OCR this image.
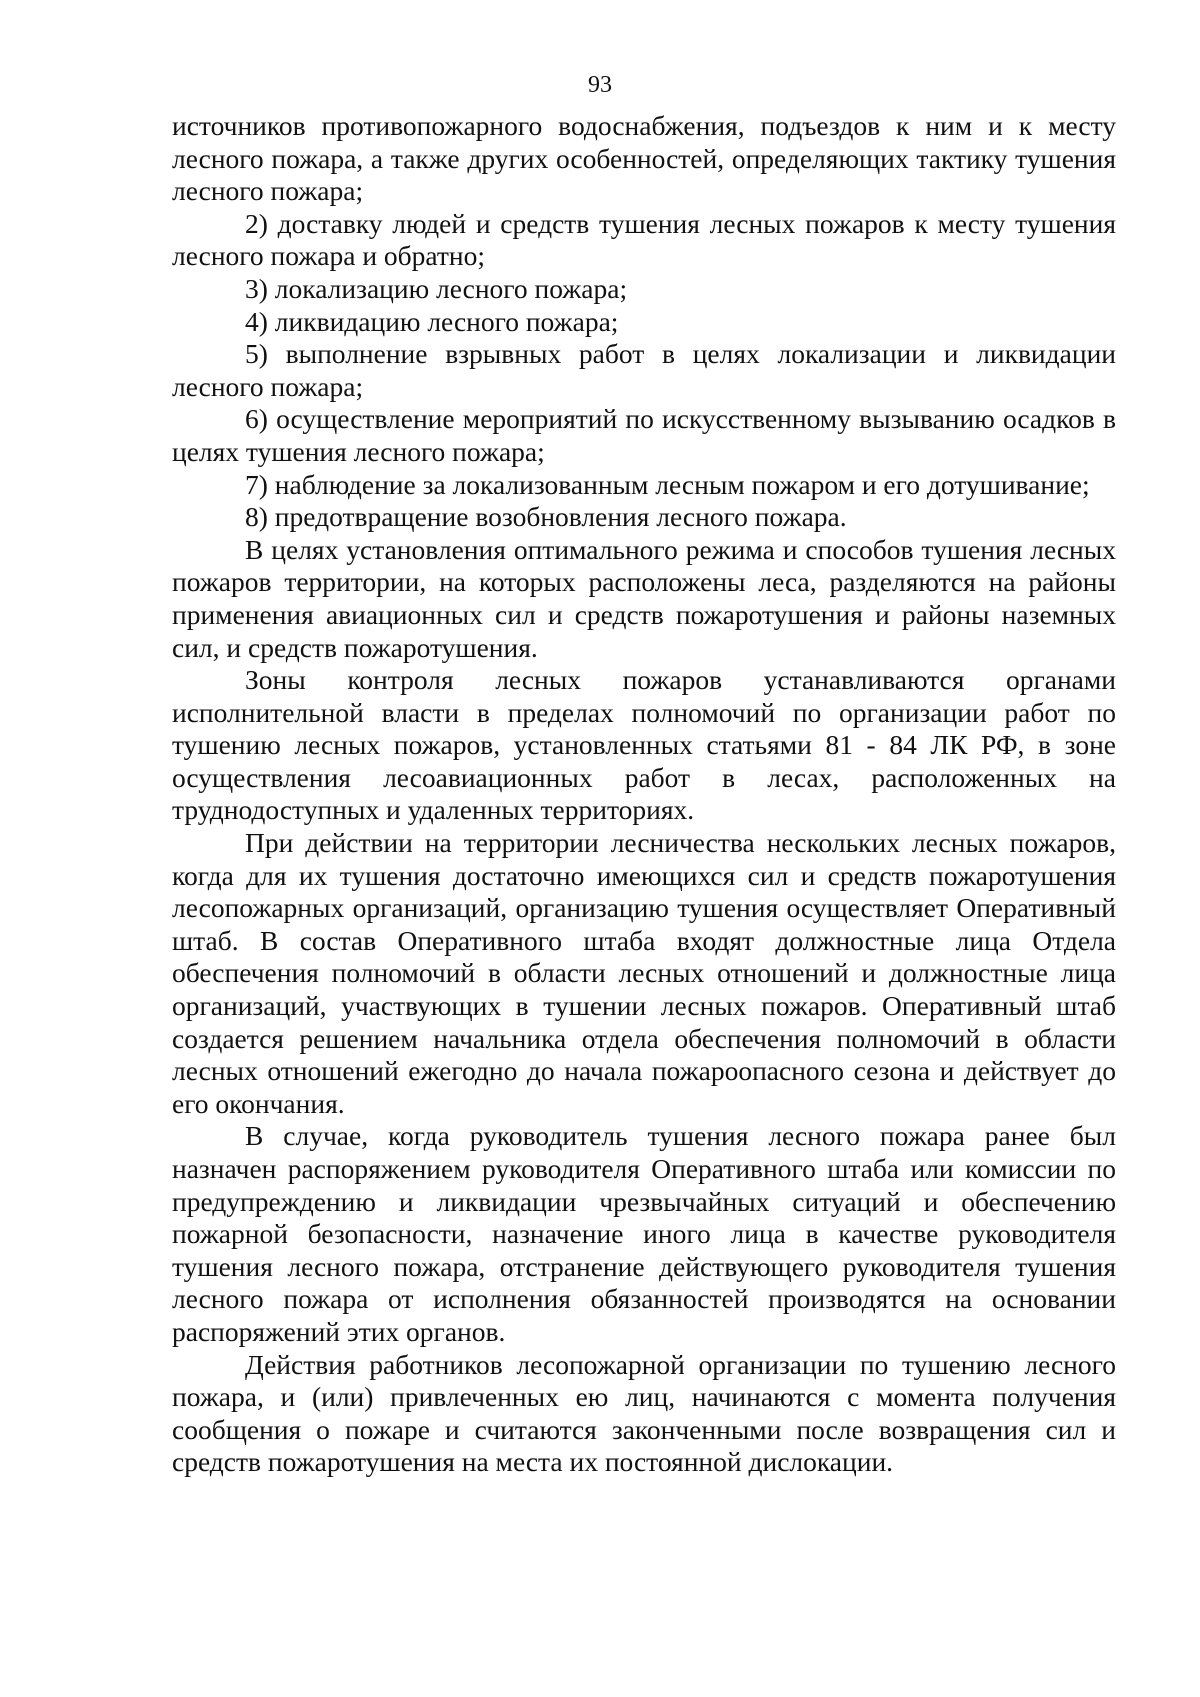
93

источников противопожарного водоснабжения, подъездов к ним и к месту лесного пожара, а также других особенностей, определяющих тактику тушения лесного пожара;

2) доставку людей и средств тушения лесных пожаров к месту тушения лесного пожара и обратно;

3) локализацию лесного пожара;

4) ликвидацию лесного пожара;

5) выполнение взрывных работ в целях локализации и ликвидации лесного пожара;

6) осуществление мероприятий по искусственному вызыванию осадков в целях тушения лесного пожара;

7) наблюдение за локализованным лесным пожаром и его дотушивание;

8) предотвращение возобновления лесного пожара.

В целях установления оптимального режима и способов тушения лесных пожаров территории, на которых расположены леса, разделяются на районы применения авиационных сил и средств пожаротушения и районы наземных сил, и средств пожаротушения.

Зоны контроля лесных пожаров устанавливаются органами исполнительной власти в пределах полномочий по организации работ по тушению лесных пожаров, установленных статьями 81 - 84 ЛК РФ, в зоне осуществления лесоавиационных работ в лесах, расположенных на труднодоступных и удаленных территориях.

При действии на территории лесничества нескольких лесных пожаров, когда для их тушения достаточно имеющихся сил и средств пожаротушения лесопожарных организаций, организацию тушения осуществляет Оперативный штаб. В состав Оперативного штаба входят должностные лица Отдела обеспечения полномочий в области лесных отношений и должностные лица организаций, участвующих в тушении лесных пожаров. Оперативный штаб создается решением начальника отдела обеспечения полномочий в области лесных отношений ежегодно до начала пожароопасного сезона и действует до его окончания.

В случае, когда руководитель тушения лесного пожара ранее был назначен распоряжением руководителя Оперативного штаба или комиссии по предупреждению и ликвидации чрезвычайных ситуаций и обеспечению пожарной безопасности, назначение иного лица в качестве руководителя тушения лесного пожара, отстранение действующего руководителя тушения лесного пожара от исполнения обязанностей производятся на основании распоряжений этих органов.

Действия работников лесопожарной организации по тушению лесного пожара, и (или) привлеченных ею лиц, начинаются с момента получения сообщения о пожаре и считаются законченными после возвращения сил и средств пожаротушения на места их постоянной дислокации.
